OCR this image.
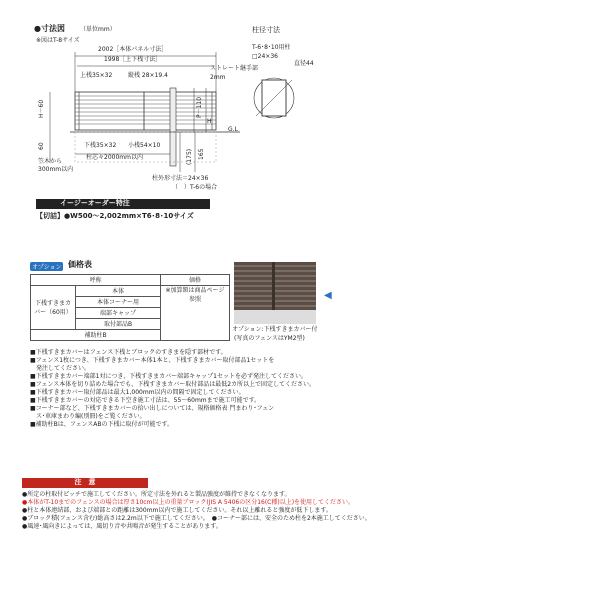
●寸法図	（単位mm）
※図はT-8サイズ
2002［本体パネル寸法］
1998［上下桟寸法］
上桟35×32	縦桟 28×19.4
ストレート継手部
2mm
H－60	P－110
H
G.L
下桟35×32 小桟54×10
柱芯々2000mm以内
60
笠木から
300mm以内
(175) 165
柱外形寸法＝24×36
（　）T-6の場合
柱径寸法
T-6･8･10用柱
□24×36
直径44
イージーオーダー特注
【切詰】●W500～2,002mm×T6･8･10サイズ
オプション 価格表
呼称		価格
下桟すきまカバー（60用）	本体	※加算額は商品ページ参照
	本体コーナー用	
	端部キャップ	
	取付部品B	
補助柱B		
◀
オプション:下桟すきまカバー付
(写真のフェンスはYM2型)
■下桟すきまカバーはフェンス下桟とブロックのすきまを隠す部材です。
■フェンス1枚につき、下桟すきまカバー本体1本と、下桟すきまカバー取付部品1セットを
　発注してください。
■下桟すきまカバー端部1対につき、下桟すきまカバー端部キャップ1セットを必ず発注してください。
■フェンス本体を切り詰めた場合でも、下桟すきまカバー取付部品は最低2カ所以上で固定してください。
■下桟すきまカバー取付部品は最大1,000mm以内の間隔で固定してください。
■下桟すきまカバーの対応できる下空き施工寸法は、55～60mmまで施工可能です。
■コーナー部など、下桟すきまカバーの拾い出しについては、規格価格表 門まわり･フェン
　ス･車庫まわり編(別冊)をご覧ください。
■補助柱Bは、フェンスABの下桟に取付が可能です。
注　意
●所定の柱取付ピッチで施工してください。所定寸法を外れると製品強度が維持できなくなります。
●本体がT-10までのフェンスの場合は厚さ10cm以上の重量ブロック(JIS A 5406の区分16(C種)以上)を使用してください。
●柱と本体連結部、および端部との距離は300mm以内で施工してください。それ以上離れると強度が低下します。
●ブロック積(フェンス含む)総高さは2.2m以下で施工してください。　●コーナー部には、安全のため柱を2本施工してください。
●風速･風向きによっては、風切り音や共鳴音が発生することがあります。
